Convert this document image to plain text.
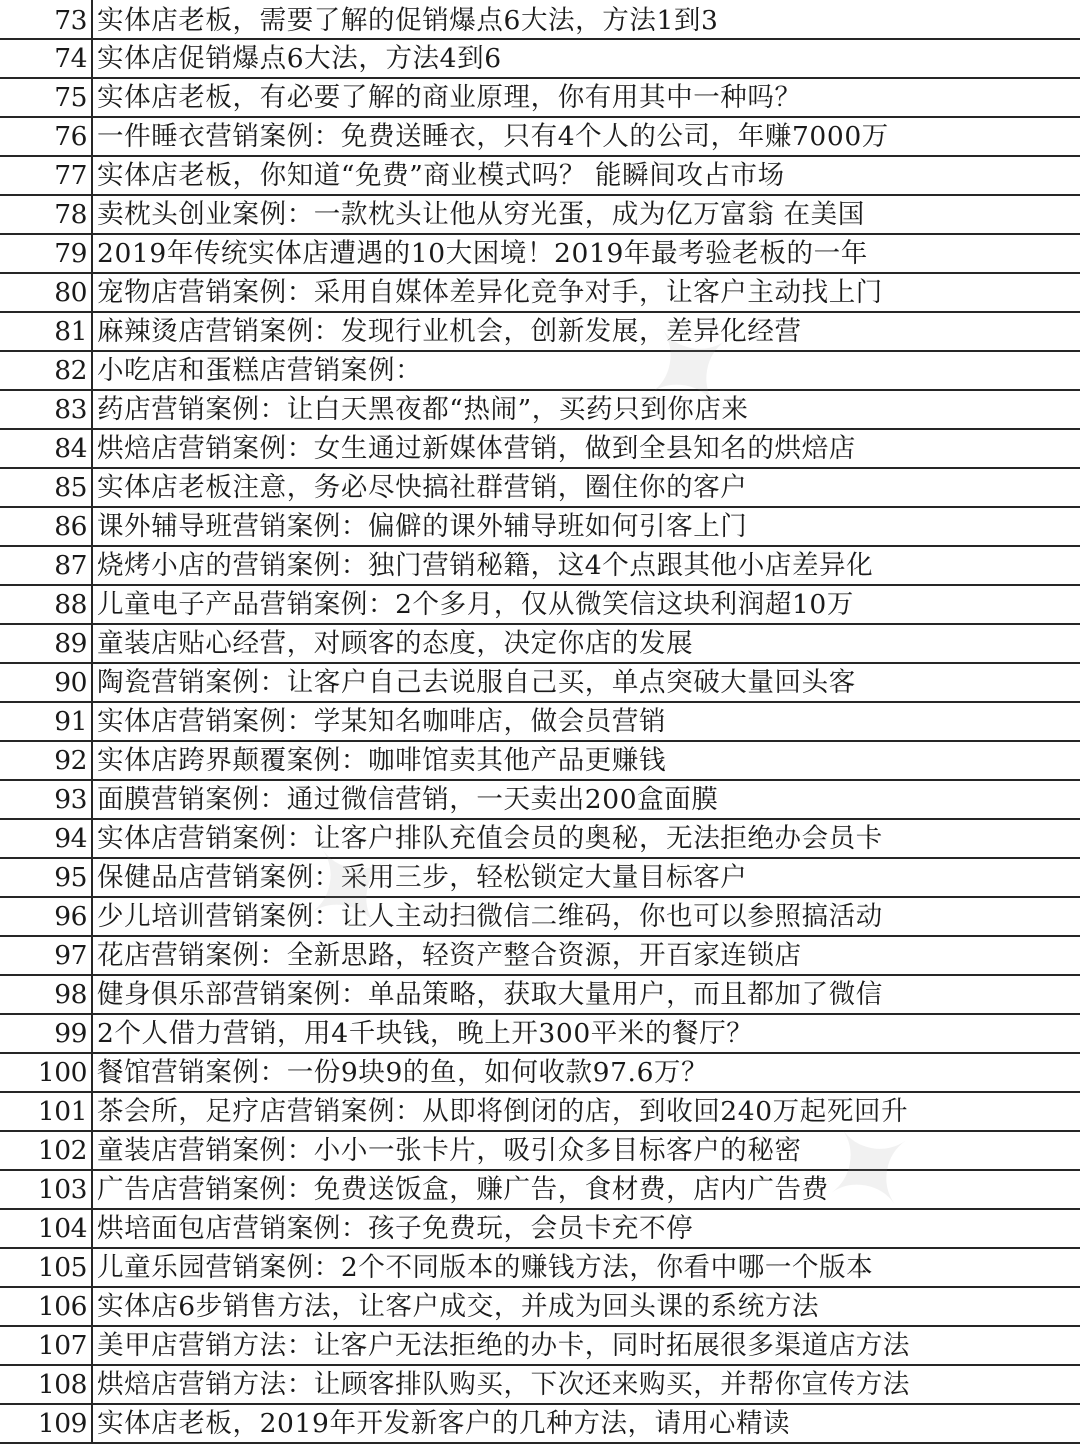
73	实体店老板，需要了解的促销爆点6大法，方法1到3
74	实体店促销爆点6大法，方法4到6
75	实体店老板，有必要了解的商业原理，你有用其中一种吗？
76	一件睡衣营销案例：免费送睡衣，只有4个人的公司，年赚7000万
77	实体店老板，你知道“免费”商业模式吗？ 能瞬间攻占市场
78	卖枕头创业案例：一款枕头让他从穷光蛋，成为亿万富翁 在美国
79	2019年传统实体店遭遇的10大困境！2019年最考验老板的一年
80	宠物店营销案例：采用自媒体差异化竞争对手，让客户主动找上门
81	麻辣烫店营销案例：发现行业机会，创新发展，差异化经营
82	小吃店和蛋糕店营销案例：
83	药店营销案例：让白天黑夜都“热闹”，买药只到你店来
84	烘焙店营销案例：女生通过新媒体营销，做到全县知名的烘焙店
85	实体店老板注意，务必尽快搞社群营销，圈住你的客户
86	课外辅导班营销案例：偏僻的课外辅导班如何引客上门
87	烧烤小店的营销案例：独门营销秘籍，这4个点跟其他小店差异化
88	儿童电子产品营销案例：2个多月，仅从微笑信这块利润超10万
89	童装店贴心经营，对顾客的态度，决定你店的发展
90	陶瓷营销案例：让客户自己去说服自己买，单点突破大量回头客
91	实体店营销案例：学某知名咖啡店，做会员营销
92	实体店跨界颠覆案例：咖啡馆卖其他产品更赚钱
93	面膜营销案例：通过微信营销，一天卖出200盒面膜
94	实体店营销案例：让客户排队充值会员的奥秘，无法拒绝办会员卡
95	保健品店营销案例：采用三步，轻松锁定大量目标客户
96	少儿培训营销案例：让人主动扫微信二维码，你也可以参照搞活动
97	花店营销案例：全新思路，轻资产整合资源，开百家连锁店
98	健身俱乐部营销案例：单品策略，获取大量用户，而且都加了微信
99	2个人借力营销，用4千块钱，晚上开300平米的餐厅？
100	餐馆营销案例：一份9块9的鱼，如何收款97.6万？
101	茶会所，足疗店营销案例：从即将倒闭的店，到收回240万起死回升
102	童装店营销案例：小小一张卡片，吸引众多目标客户的秘密
103	广告店营销案例：免费送饭盒，赚广告，食材费，店内广告费
104	烘培面包店营销案例：孩子免费玩，会员卡充不停
105	儿童乐园营销案例：2个不同版本的赚钱方法，你看中哪一个版本
106	实体店6步销售方法，让客户成交，并成为回头课的系统方法
107	美甲店营销方法：让客户无法拒绝的办卡，同时拓展很多渠道店方法
108	烘焙店营销方法：让顾客排队购买，下次还来购买，并帮你宣传方法
109	实体店老板，2019年开发新客户的几种方法，请用心精读
✦
✦
✦
